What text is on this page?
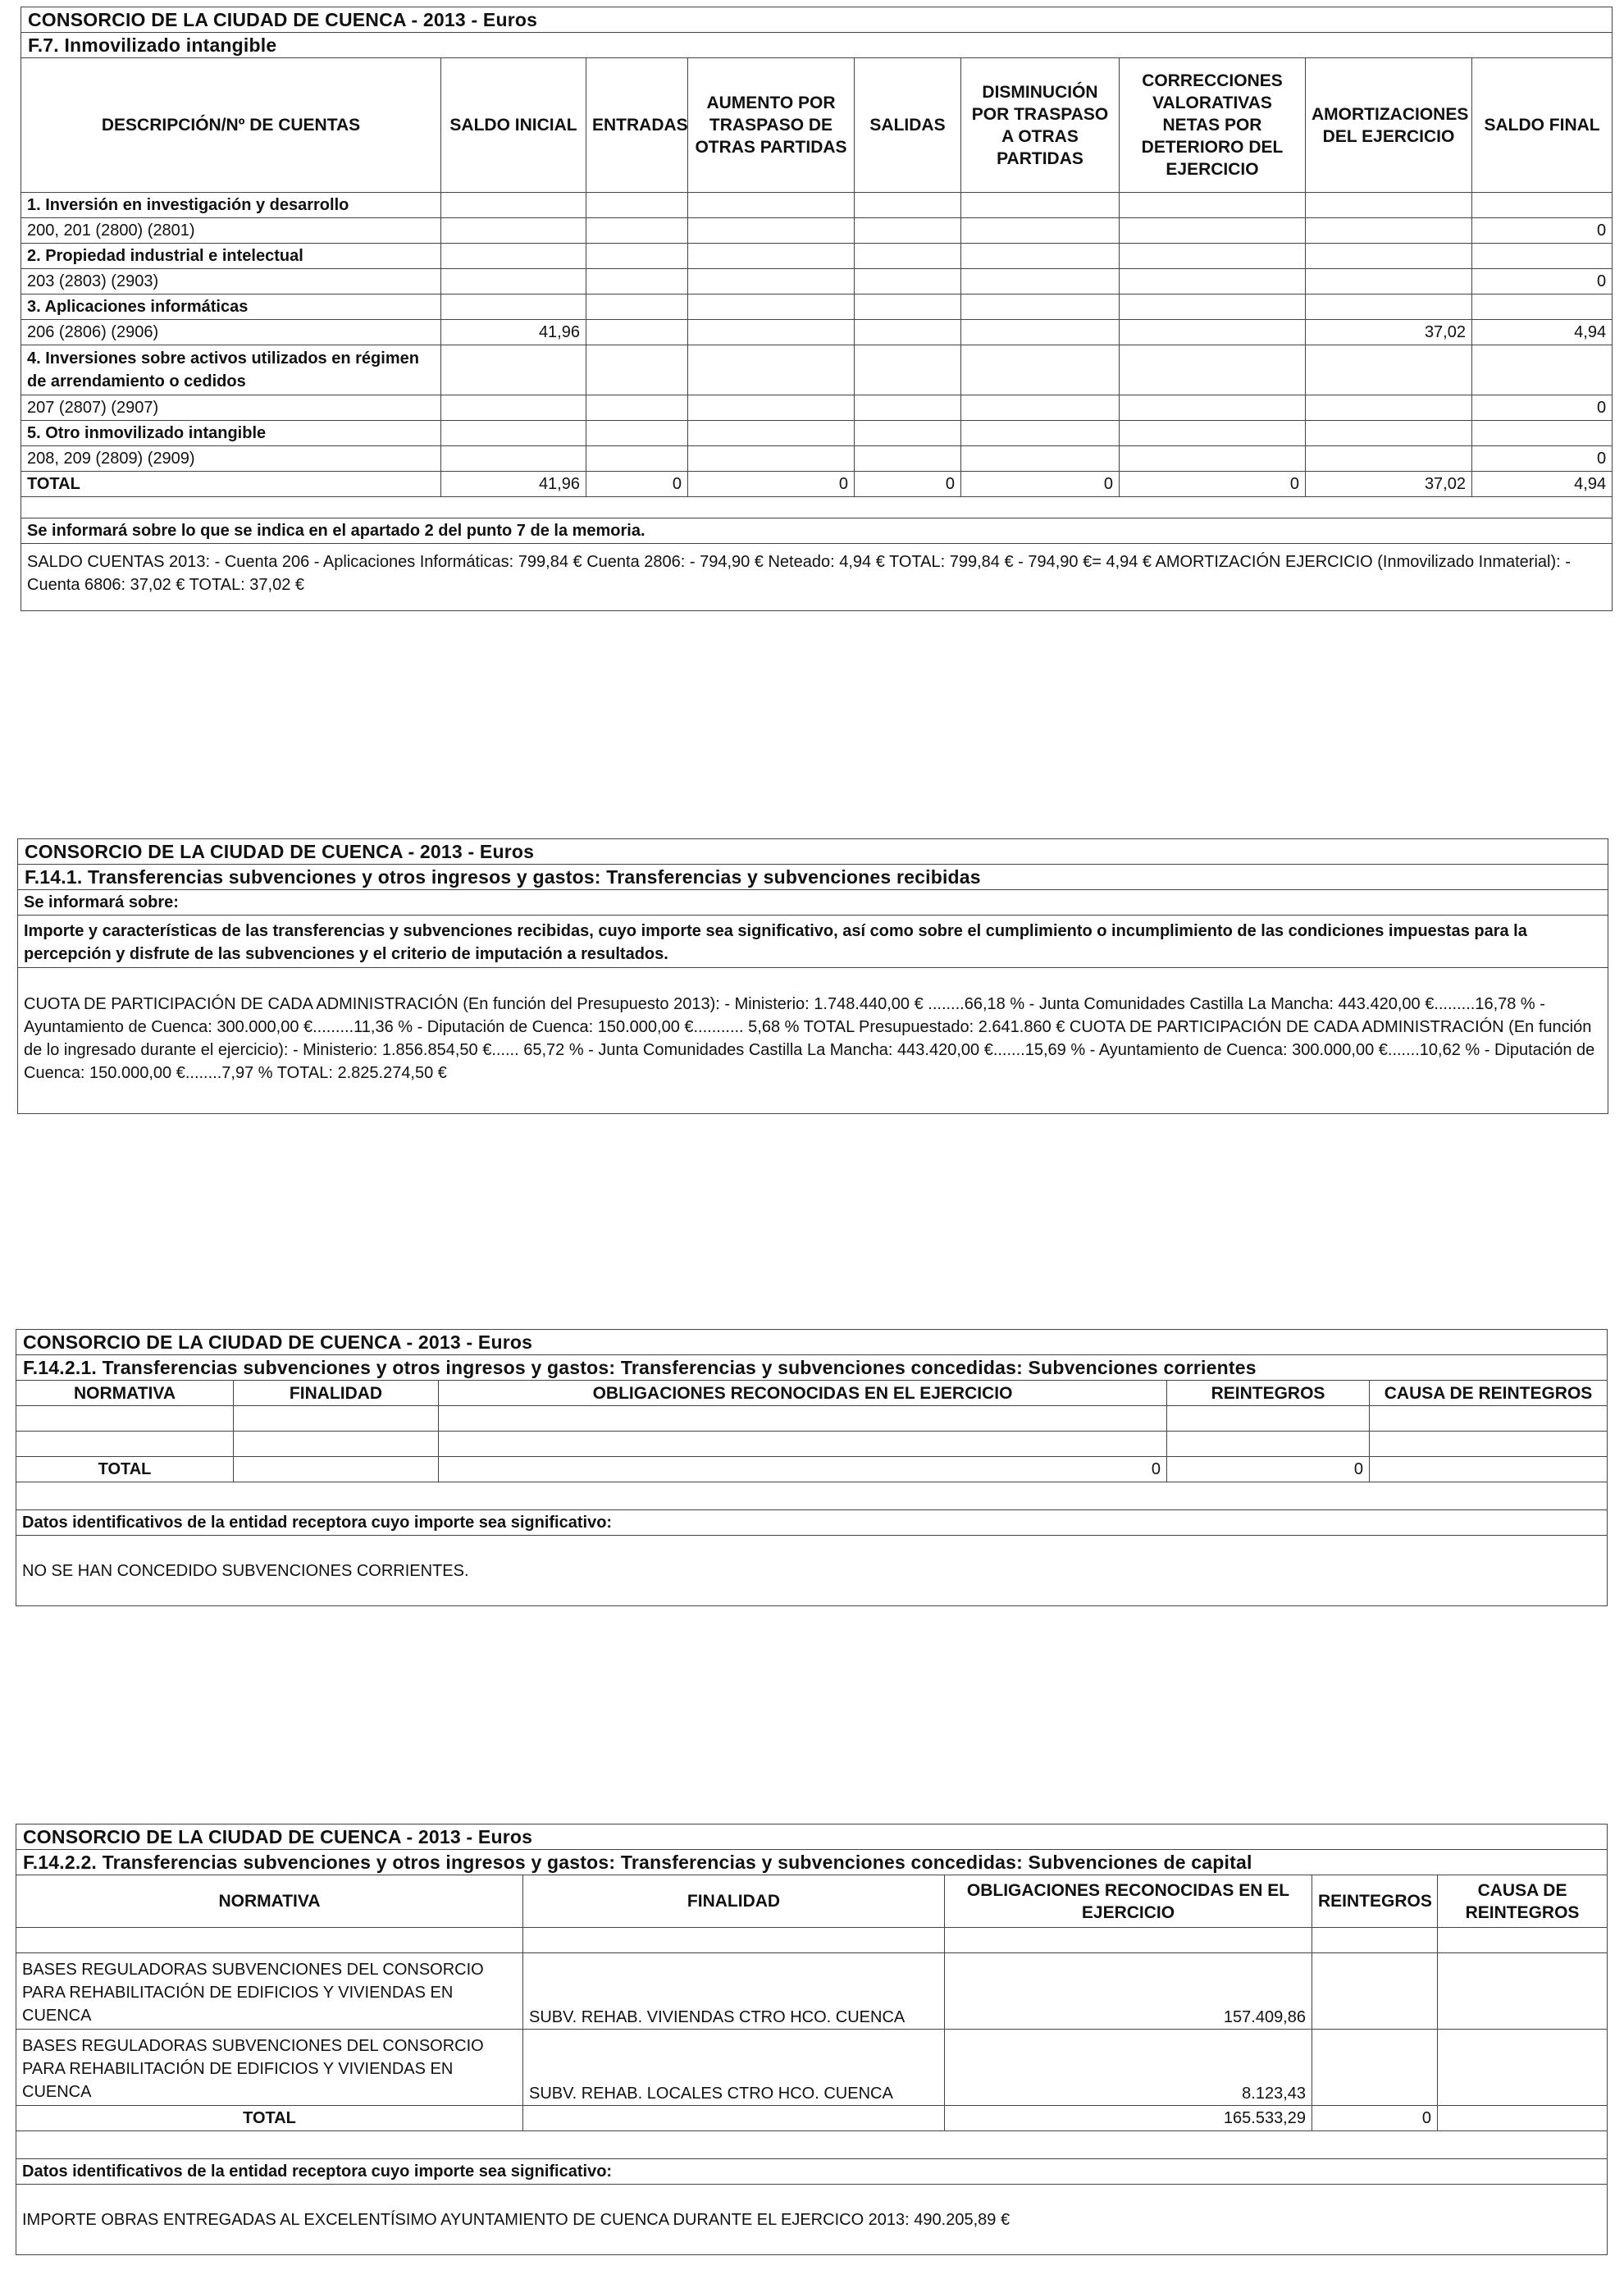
CONSORCIO DE LA CIUDAD DE CUENCA - 2013 - Euros								
F.7. Inmovilizado intangible								
DESCRIPCIÓN/Nº DE CUENTAS	SALDO INICIAL	ENTRADAS	AUMENTO POR TRASPASO DE OTRAS PARTIDAS	SALIDAS	DISMINUCIÓN POR TRASPASO A OTRAS PARTIDAS	CORRECCIONES VALORATIVAS NETAS POR DETERIORO DEL EJERCICIO	AMORTIZACIONES DEL EJERCICIO	SALDO FINAL
1. Inversión en investigación y desarrollo								
200, 201 (2800) (2801)								0
2. Propiedad industrial e intelectual								
203 (2803) (2903)								0
3. Aplicaciones informáticas								
206 (2806) (2906)	41,96						37,02	4,94
4. Inversiones sobre activos utilizados en régimen de arrendamiento o cedidos								
207 (2807) (2907)								0
5. Otro inmovilizado intangible								
208, 209 (2809) (2909)								0
TOTAL	41,96	0	0	0	0	0	37,02	4,94

Se informará sobre lo que se indica en el apartado 2 del punto 7 de la memoria.								
SALDO CUENTAS 2013: - Cuenta 206 - Aplicaciones Informáticas: 799,84 € Cuenta 2806: - 794,90 € Neteado: 4,94 € TOTAL: 799,84 € - 794,90 €= 4,94 € AMORTIZACIÓN EJERCICIO (Inmovilizado Inmaterial): - Cuenta 6806: 37,02 € TOTAL: 37,02 €								
CONSORCIO DE LA CIUDAD DE CUENCA - 2013 - Euros
F.14.1. Transferencias subvenciones y otros ingresos y gastos: Transferencias y subvenciones recibidas
Se informará sobre:
Importe y características de las transferencias y subvenciones recibidas, cuyo importe sea significativo, así como sobre el cumplimiento o incumplimiento de las condiciones impuestas para la percepción y disfrute de las subvenciones y el criterio de imputación a resultados.
CUOTA DE PARTICIPACIÓN DE CADA ADMINISTRACIÓN (En función del Presupuesto 2013): - Ministerio: 1.748.440,00 € ........66,18 % - Junta Comunidades Castilla La Mancha: 443.420,00 €.........16,78 % - Ayuntamiento de Cuenca: 300.000,00 €.........11,36 % - Diputación de Cuenca: 150.000,00 €........... 5,68 % TOTAL Presupuestado: 2.641.860 € CUOTA DE PARTICIPACIÓN DE CADA ADMINISTRACIÓN (En función de lo ingresado durante el ejercicio): - Ministerio: 1.856.854,50 €...... 65,72 % - Junta Comunidades Castilla La Mancha: 443.420,00 €.......15,69 % - Ayuntamiento de Cuenca: 300.000,00 €.......10,62 % - Diputación de Cuenca: 150.000,00 €........7,97 % TOTAL: 2.825.274,50 €
CONSORCIO DE LA CIUDAD DE CUENCA - 2013 - Euros				
F.14.2.1. Transferencias subvenciones y otros ingresos y gastos: Transferencias y subvenciones concedidas: Subvenciones corrientes				
NORMATIVA	FINALIDAD	OBLIGACIONES RECONOCIDAS EN EL EJERCICIO	REINTEGROS	CAUSA DE REINTEGROS

TOTAL		0	0	

Datos identificativos de la entidad receptora cuyo importe sea significativo:				
NO SE HAN CONCEDIDO SUBVENCIONES CORRIENTES.				
CONSORCIO DE LA CIUDAD DE CUENCA - 2013 - Euros				
F.14.2.2. Transferencias subvenciones y otros ingresos y gastos: Transferencias y subvenciones concedidas: Subvenciones de capital				
NORMATIVA	FINALIDAD	OBLIGACIONES RECONOCIDAS EN EL EJERCICIO	REINTEGROS	CAUSA DE REINTEGROS

BASES REGULADORAS SUBVENCIONES DEL CONSORCIO PARA REHABILITACIÓN DE EDIFICIOS Y VIVIENDAS EN CUENCA	SUBV. REHAB. VIVIENDAS CTRO HCO. CUENCA	157.409,86		
BASES REGULADORAS SUBVENCIONES DEL CONSORCIO PARA REHABILITACIÓN DE EDIFICIOS Y VIVIENDAS EN CUENCA	SUBV. REHAB. LOCALES CTRO HCO. CUENCA	8.123,43		
TOTAL		165.533,29	0	

Datos identificativos de la entidad receptora cuyo importe sea significativo:				
IMPORTE OBRAS ENTREGADAS AL EXCELENTÍSIMO AYUNTAMIENTO DE CUENCA DURANTE EL EJERCICO 2013: 490.205,89 €				
